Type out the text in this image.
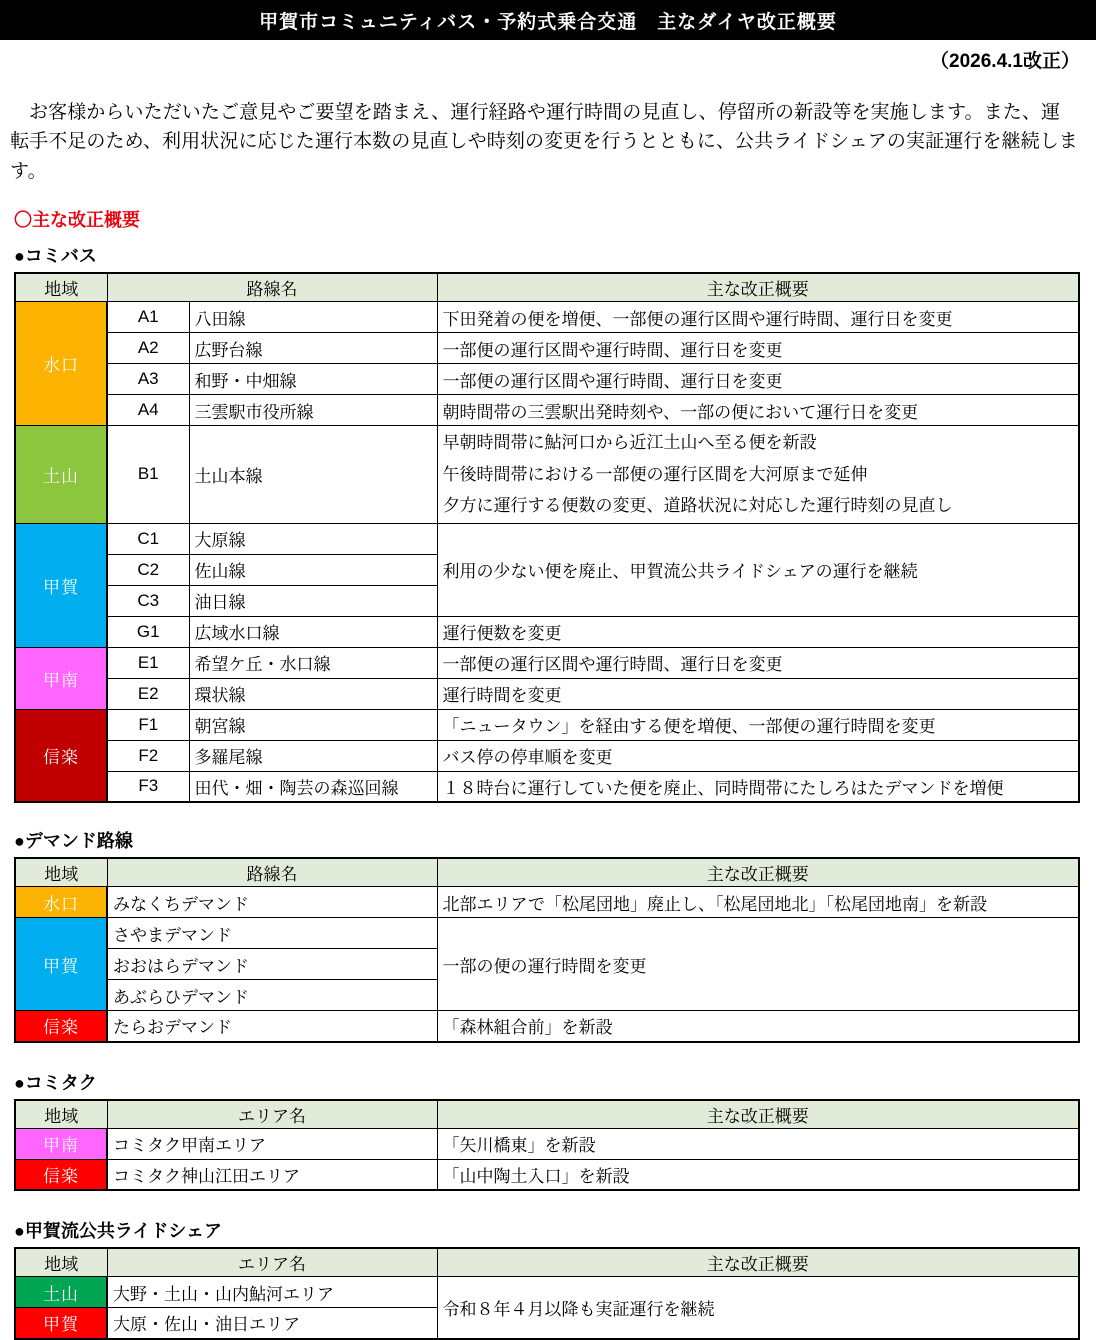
甲賀市コミュニティバス・予約式乗合交通　主なダイヤ改正概要
（2026.4.1改正）

お客様からいただいたご意見やご要望を踏まえ、運行経路や運行時間の見直し、停留所の新設等を実施します。また、運転手不足のため、利用状況に応じた運行本数の見直しや時刻の変更を行うとともに、公共ライドシェアの実証運行を継続します。

〇主な改正概要
●コミバス
地域	路線名		主な改正概要
水口	A1	八田線	下田発着の便を増便、一部便の運行区間や運行時間、運行日を変更
	A2	広野台線	一部便の運行区間や運行時間、運行日を変更
	A3	和野・中畑線	一部便の運行区間や運行時間、運行日を変更
	A4	三雲駅市役所線	朝時間帯の三雲駅出発時刻や、一部の便において運行日を変更
土山	B1	土山本線	早朝時間帯に鮎河口から近江土山へ至る便を新設
午後時間帯における一部便の運行区間を大河原まで延伸
夕方に運行する便数の変更、道路状況に対応した運行時刻の見直し

甲賀	C1	大原線	利用の少ない便を廃止、甲賀流公共ライドシェアの運行を継続
	C2	佐山線	
	C3	油日線	
	G1	広域水口線	運行便数を変更
甲南	E1	希望ケ丘・水口線	一部便の運行区間や運行時間、運行日を変更
	E2	環状線	運行時間を変更
信楽	F1	朝宮線	「ニュータウン」を経由する便を増便、一部便の運行時間を変更
	F2	多羅尾線	バス停の停車順を変更
	F3	田代・畑・陶芸の森巡回線	１８時台に運行していた便を廃止、同時間帯にたしろはたデマンドを増便
●デマンド路線
地域	路線名	主な改正概要
水口	みなくちデマンド	北部エリアで「松尾団地」廃止し、「松尾団地北」「松尾団地南」を新設
甲賀	さやまデマンド	一部の便の運行時間を変更
	おおはらデマンド	
	あぶらひデマンド	
信楽	たらおデマンド	「森林組合前」を新設
●コミタク
地域	エリア名	主な改正概要
甲南	コミタク甲南エリア	「矢川橋東」を新設
信楽	コミタク神山江田エリア	「山中陶土入口」を新設
●甲賀流公共ライドシェア
地域	エリア名	主な改正概要
土山	大野・土山・山内鮎河エリア	令和８年４月以降も実証運行を継続
甲賀	大原・佐山・油日エリア	
